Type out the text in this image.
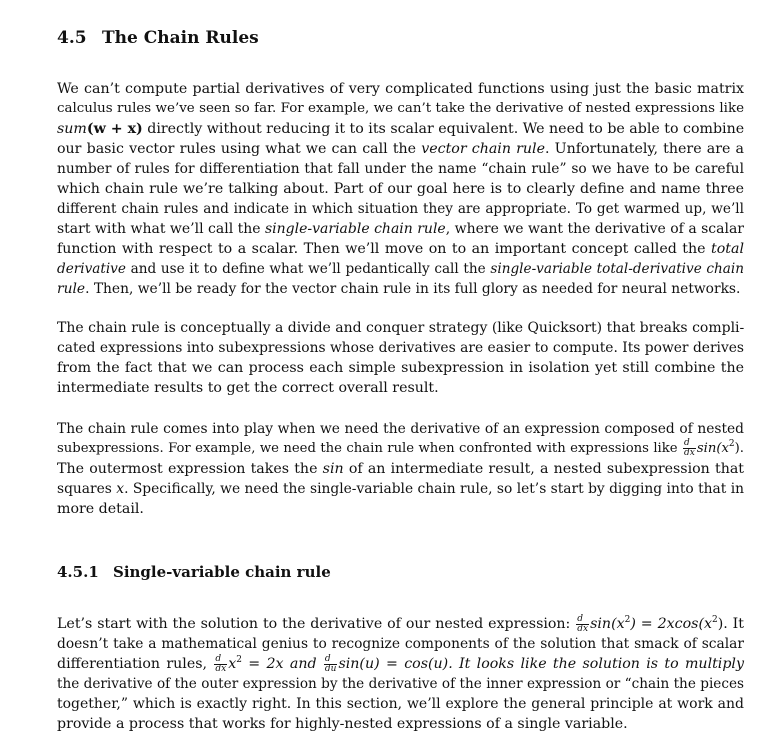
4.5 The Chain Rules
We can’t compute partial derivatives of very complicated functions using just the basic matrix
calculus rules we’ve seen so far. For example, we can’t take the derivative of nested expressions like
sum(w + x) directly without reducing it to its scalar equivalent. We need to be able to combine
our basic vector rules using what we can call the vector chain rule. Unfortunately, there are a
number of rules for differentiation that fall under the name “chain rule” so we have to be careful
which chain rule we’re talking about. Part of our goal here is to clearly define and name three
different chain rules and indicate in which situation they are appropriate. To get warmed up, we’ll
start with what we’ll call the single-variable chain rule, where we want the derivative of a scalar
function with respect to a scalar. Then we’ll move on to an important concept called the total
derivative and use it to define what we’ll pedantically call the single-variable total-derivative chain
rule. Then, we’ll be ready for the vector chain rule in its full glory as needed for neural networks.
The chain rule is conceptually a divide and conquer strategy (like Quicksort) that breaks compli-
cated expressions into subexpressions whose derivatives are easier to compute. Its power derives
from the fact that we can process each simple subexpression in isolation yet still combine the
intermediate results to get the correct overall result.
The chain rule comes into play when we need the derivative of an expression composed of nested
subexpressions. For example, we need the chain rule when confronted with expressions like $\frac{d}{dx} \sin(x^2)$.
The outermost expression takes the sin of an intermediate result, a nested subexpression that
squares x. Specifically, we need the single-variable chain rule, so let’s start by digging into that in
more detail.
4.5.1 Single-variable chain rule
Let’s start with the solution to the derivative of our nested expression: $\frac{d}{dx} \sin(x^2) = 2xcos(x^2)$. It
doesn’t take a mathematical genius to recognize components of the solution that smack of scalar
differentiation rules, $\frac{d}{dx} x^2 = 2x$ and $\frac{d}{du} \sin(u) = \cos(u)$. It looks like the solution is to multiply
the derivative of the outer expression by the derivative of the inner expression or “chain the pieces
together,” which is exactly right. In this section, we’ll explore the general principle at work and
provide a process that works for highly-nested expressions of a single variable.
